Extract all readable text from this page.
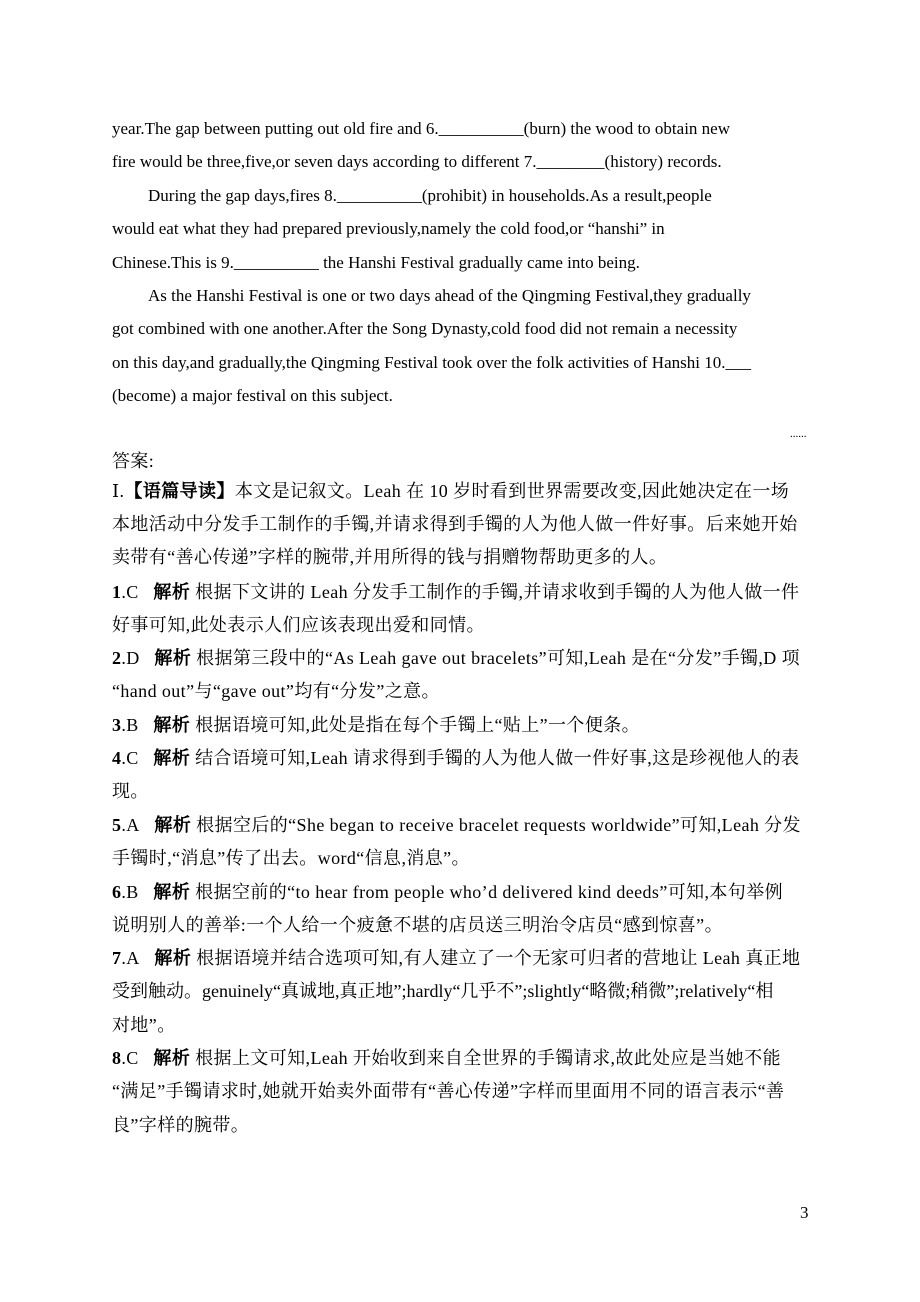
year.The gap between putting out old fire and 6.__________(burn) the wood to obtain new
fire would be three,five,or seven days according to different 7.________(history) records.
During the gap days,fires 8.__________(prohibit) in households.As a result,people
would eat what they had prepared previously,namely the cold food,or “hanshi” in
Chinese.This is 9.__________ the Hanshi Festival gradually came into being.
As the Hanshi Festival is one or two days ahead of the Qingming Festival,they gradually
got combined with one another.After the Song Dynasty,cold food did not remain a necessity
on this day,and gradually,the Qingming Festival took over the folk activities of Hanshi 10.___
(become) a major festival on this subject.
......
答案:
Ⅰ.【语篇导读】本文是记叙文。Leah 在 10 岁时看到世界需要改变,因此她决定在一场
本地活动中分发手工制作的手镯,并请求得到手镯的人为他人做一件好事。后来她开始
卖带有“善心传递”字样的腕带,并用所得的钱与捐赠物帮助更多的人。
1.C 解析 根据下文讲的 Leah 分发手工制作的手镯,并请求收到手镯的人为他人做一件
好事可知,此处表示人们应该表现出爱和同情。
2.D 解析 根据第三段中的“As Leah gave out bracelets”可知,Leah 是在“分发”手镯,D 项
“hand out”与“gave out”均有“分发”之意。
3.B 解析 根据语境可知,此处是指在每个手镯上“贴上”一个便条。
4.C 解析 结合语境可知,Leah 请求得到手镯的人为他人做一件好事,这是珍视他人的表
现。
5.A 解析 根据空后的“She began to receive bracelet requests worldwide”可知,Leah 分发
手镯时,“消息”传了出去。word“信息,消息”。
6.B 解析 根据空前的“to hear from people who’d delivered kind deeds”可知,本句举例
说明别人的善举:一个人给一个疲惫不堪的店员送三明治令店员“感到惊喜”。
7.A 解析 根据语境并结合选项可知,有人建立了一个无家可归者的营地让 Leah 真正地
受到触动。genuinely“真诚地,真正地”;hardly“几乎不”;slightly“略微;稍微”;relatively“相
对地”。
8.C 解析 根据上文可知,Leah 开始收到来自全世界的手镯请求,故此处应是当她不能
“满足”手镯请求时,她就开始卖外面带有“善心传递”字样而里面用不同的语言表示“善
良”字样的腕带。
3
